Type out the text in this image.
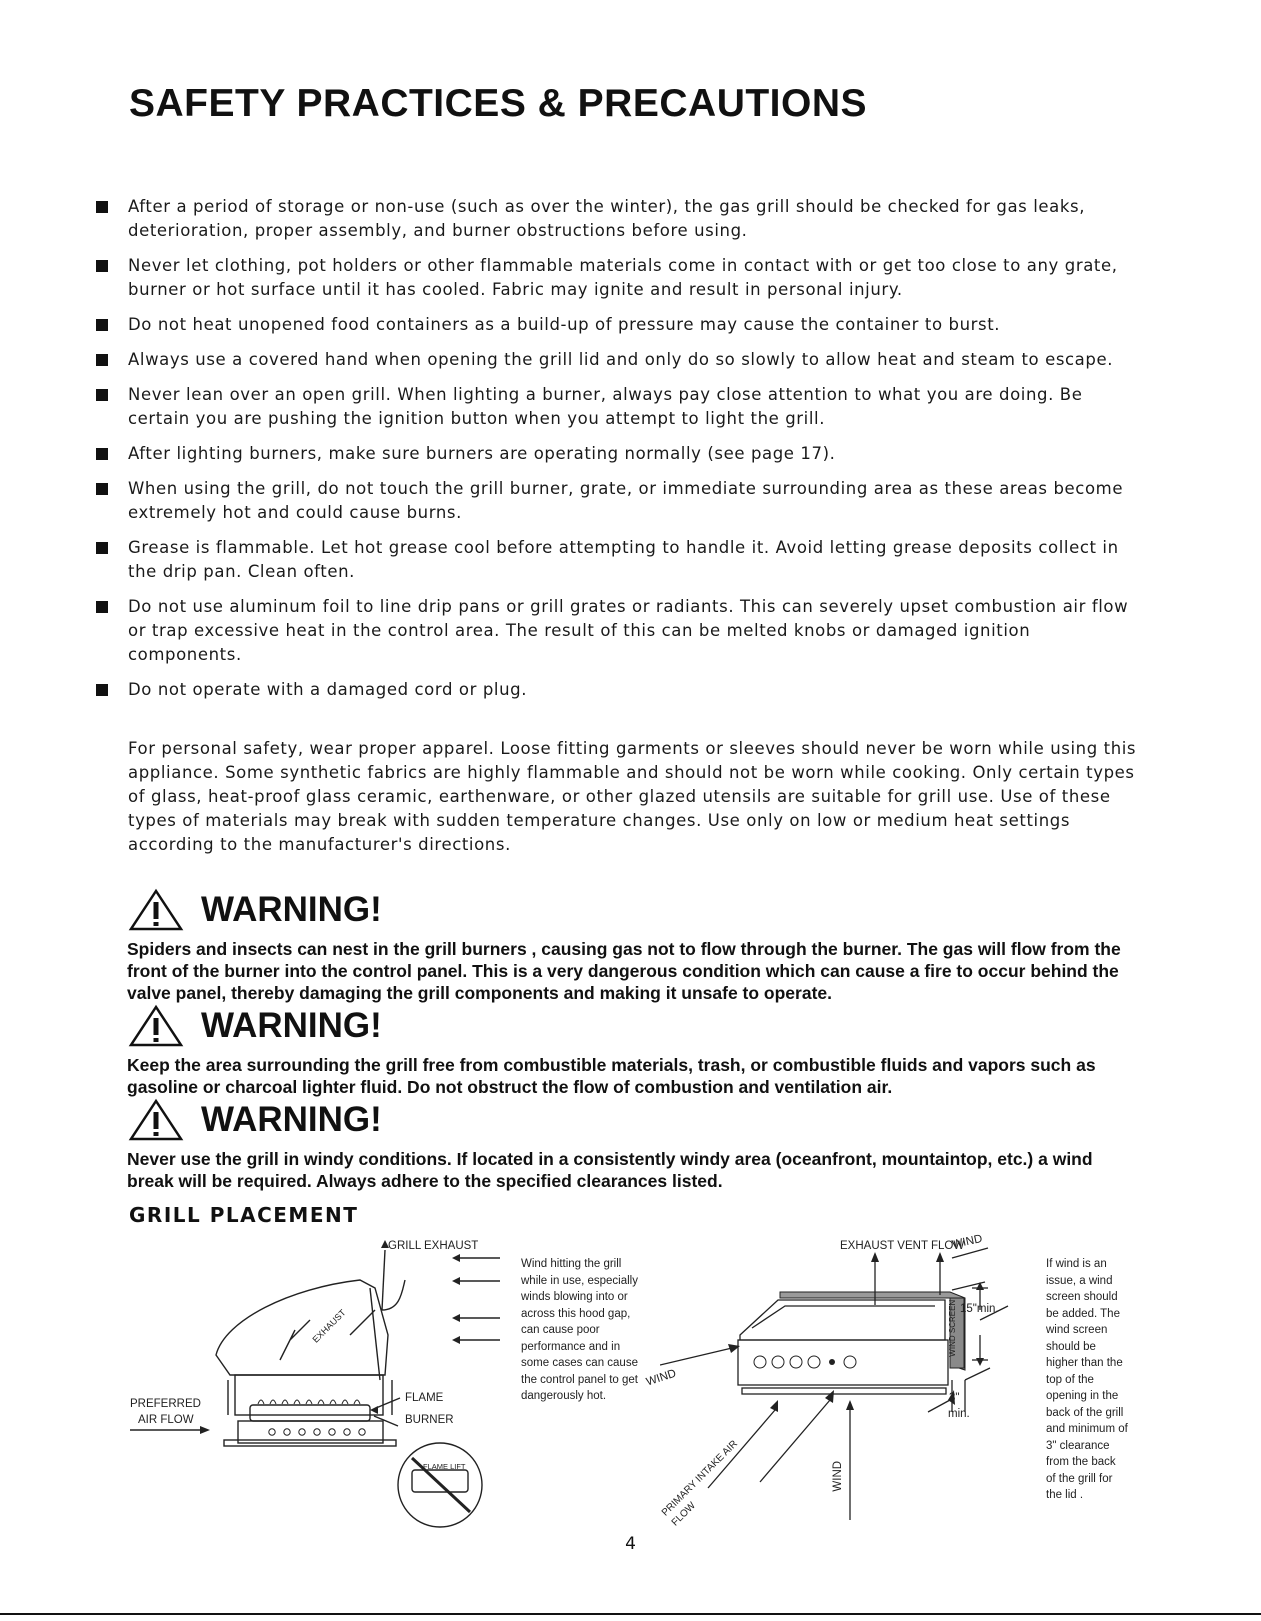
SAFETY PRACTICES & PRECAUTIONS
After a period of storage or non-use (such as over the winter), the gas grill should be checked for gas leaks, deterioration, proper assembly, and burner obstructions before using.
Never let clothing, pot holders or other flammable materials come in contact with or get too close to any grate, burner or hot surface until it has cooled. Fabric may ignite and result in personal injury.
Do not heat unopened food containers as a build-up of pressure may cause the container to burst.
Always use a covered hand when opening the grill lid and only do so slowly to allow heat and steam to escape.
Never lean over an open grill. When lighting a burner, always pay close attention to what you are doing. Be certain you are pushing the ignition button when you attempt to light the grill.
After lighting burners, make sure burners are operating normally (see page 17).
When using the grill, do not touch the grill burner, grate, or immediate surrounding area as these areas become extremely hot and could cause burns.
Grease is flammable. Let hot grease cool before attempting to handle it. Avoid letting grease deposits collect in the drip pan. Clean often.
Do not use aluminum foil to line drip pans or grill grates or radiants. This can severely upset combustion air flow or trap excessive heat in the control area. The result of this can be melted knobs or damaged ignition components.
Do not operate with a damaged cord or plug.

For personal safety, wear proper apparel. Loose fitting garments or sleeves should never be worn while using this appliance. Some synthetic fabrics are highly flammable and should not be worn while cooking. Only certain types of glass, heat-proof glass ceramic, earthenware, or other glazed utensils are suitable for grill use. Use of these types of materials may break with sudden temperature changes. Use only on low or medium heat settings according to the manufacturer's directions.

WARNING!

Spiders and insects can nest in the grill burners , causing gas not to flow through the burner. The gas will flow from the front of the burner into the control panel. This is a very dangerous condition which can cause a fire to occur behind the valve panel, thereby damaging the grill components and making it unsafe to operate.

WARNING!

Keep the area surrounding the grill free from combustible materials, trash, or combustible fluids and vapors such as gasoline or charcoal lighter fluid. Do not obstruct the flow of combustion and ventilation air.

WARNING!

Never use the grill in windy conditions. If located in a consistently windy area (oceanfront, mountaintop, etc.) a wind break will be required. Always adhere to the specified clearances listed.

GRILL PLACEMENT
GRILL EXHAUST
EXHAUST
FLAME
BURNER
PREFERRED
AIR FLOW
FLAME LIFT

Wind hitting the grill while in use, especially winds blowing into or across this hood gap, can cause poor performance and in some cases can cause the control panel to get dangerously hot.

EXHAUST VENT FLOW
WIND
WIND SCREEN 15"min.
3"
min.
WIND
PRIMARY INTAKE AIR FLOW
WIND

If wind is an issue, a wind screen should be added. The wind screen should be higher than the top of the opening in the back of the grill and minimum of 3" clearance from the back of the grill for the lid .

4
